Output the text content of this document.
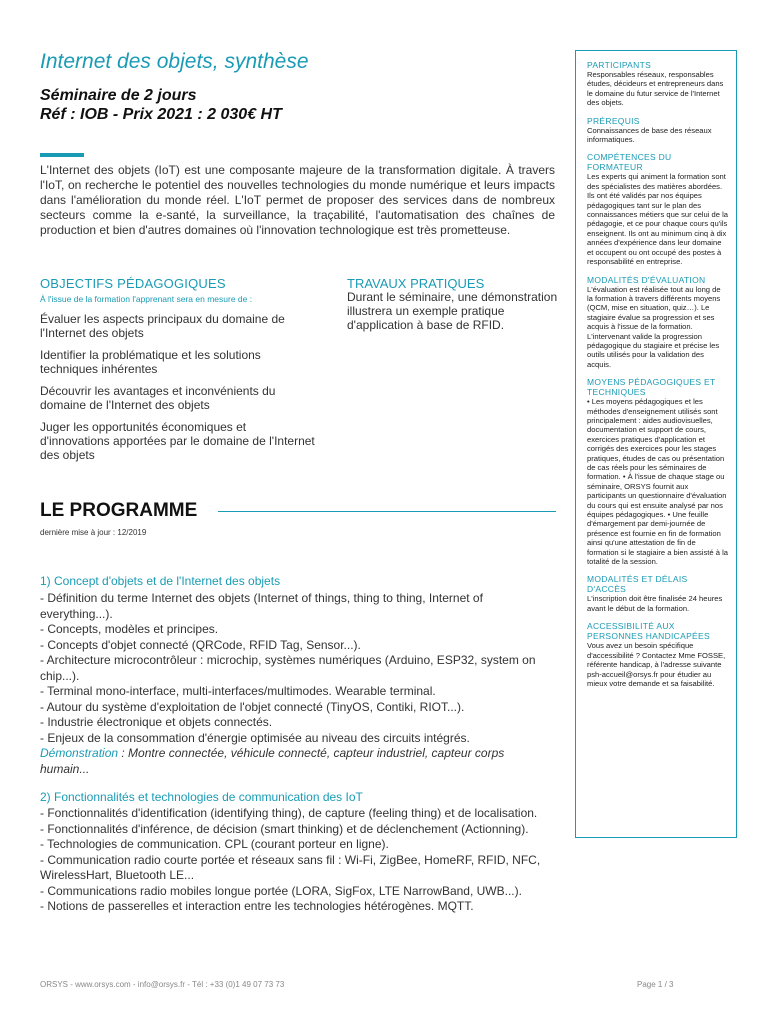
Internet des objets, synthèse
Séminaire de 2 jours
Réf : IOB - Prix 2021 : 2 030€ HT
L'Internet des objets (IoT) est une composante majeure de la transformation digitale. À travers l'IoT, on recherche le potentiel des nouvelles technologies du monde numérique et leurs impacts dans l'amélioration du monde réel. L'IoT permet de proposer des services dans de nombreux secteurs comme la e-santé, la surveillance, la traçabilité, l'automatisation des chaînes de production et bien d'autres domaines où l'innovation technologique est très prometteuse.
OBJECTIFS PÉDAGOGIQUES
À l'issue de la formation l'apprenant sera en mesure de :
Évaluer les aspects principaux du domaine de l'Internet des objets
Identifier la problématique et les solutions techniques inhérentes
Découvrir les avantages et inconvénients du domaine de l'Internet des objets
Juger les opportunités économiques et d'innovations apportées par le domaine de l'Internet des objets
TRAVAUX PRATIQUES
Durant le séminaire, une démonstration illustrera un exemple pratique d'application à base de RFID.
LE PROGRAMME
dernière mise à jour : 12/2019
1) Concept d'objets et de l'Internet des objets
- Définition du terme Internet des objets (Internet of things, thing to thing, Internet of everything...).
- Concepts, modèles et principes.
- Concepts d'objet connecté (QRCode, RFID Tag, Sensor...).
- Architecture microcontrôleur : microchip, systèmes numériques (Arduino, ESP32, system on chip...).
- Terminal mono-interface, multi-interfaces/multimodes. Wearable terminal.
- Autour du système d'exploitation de l'objet connecté (TinyOS, Contiki, RIOT...).
- Industrie électronique et objets connectés.
- Enjeux de la consommation d'énergie optimisée au niveau des circuits intégrés.
Démonstration : Montre connectée, véhicule connecté, capteur industriel, capteur corps humain...
2) Fonctionnalités et technologies de communication des IoT
- Fonctionnalités d'identification (identifying thing), de capture (feeling thing) et de localisation.
- Fonctionnalités d'inférence, de décision (smart thinking) et de déclenchement (Actionning).
- Technologies de communication. CPL (courant porteur en ligne).
- Communication radio courte portée et réseaux sans fil : Wi-Fi, ZigBee, HomeRF, RFID, NFC, WirelessHart, Bluetooth LE...
- Communications radio mobiles longue portée (LORA, SigFox, LTE NarrowBand, UWB...).
- Notions de passerelles et interaction entre les technologies hétérogènes. MQTT.
PARTICIPANTS
Responsables réseaux, responsables études, décideurs et entrepreneurs dans le domaine du futur service de l'Internet des objets.
PRÉREQUIS
Connaissances de base des réseaux informatiques.
COMPÉTENCES DU FORMATEUR
Les experts qui animent la formation sont des spécialistes des matières abordées. Ils ont été validés par nos équipes pédagogiques tant sur le plan des connaissances métiers que sur celui de la pédagogie, et ce pour chaque cours qu'ils enseignent. Ils ont au minimum cinq à dix années d'expérience dans leur domaine et occupent ou ont occupé des postes à responsabilité en entreprise.
MODALITÉS D'ÉVALUATION
L'évaluation est réalisée tout au long de la formation à travers différents moyens (QCM, mise en situation, quiz…). Le stagiaire évalue sa progression et ses acquis à l'issue de la formation. L'intervenant valide la progression pédagogique du stagiaire et précise les outils utilisés pour la validation des acquis.
MOYENS PÉDAGOGIQUES ET TECHNIQUES
• Les moyens pédagogiques et les méthodes d'enseignement utilisés sont principalement : aides audiovisuelles, documentation et support de cours, exercices pratiques d'application et corrigés des exercices pour les stages pratiques, études de cas ou présentation de cas réels pour les séminaires de formation. • À l'issue de chaque stage ou séminaire, ORSYS fournit aux participants un questionnaire d'évaluation du cours qui est ensuite analysé par nos équipes pédagogiques. • Une feuille d'émargement par demi-journée de présence est fournie en fin de formation ainsi qu'une attestation de fin de formation si le stagiaire a bien assisté à la totalité de la session.
MODALITÉS ET DÉLAIS D'ACCÈS
L'inscription doit être finalisée 24 heures avant le début de la formation.
ACCESSIBILITÉ AUX PERSONNES HANDICAPÉES
Vous avez un besoin spécifique d'accessibilité ? Contactez Mme FOSSE, référente handicap, à l'adresse suivante psh-accueil@orsys.fr pour étudier au mieux votre demande et sa faisabilité.
ORSYS - www.orsys.com - info@orsys.fr - Tél : +33 (0)1 49 07 73 73	Page 1 / 3
